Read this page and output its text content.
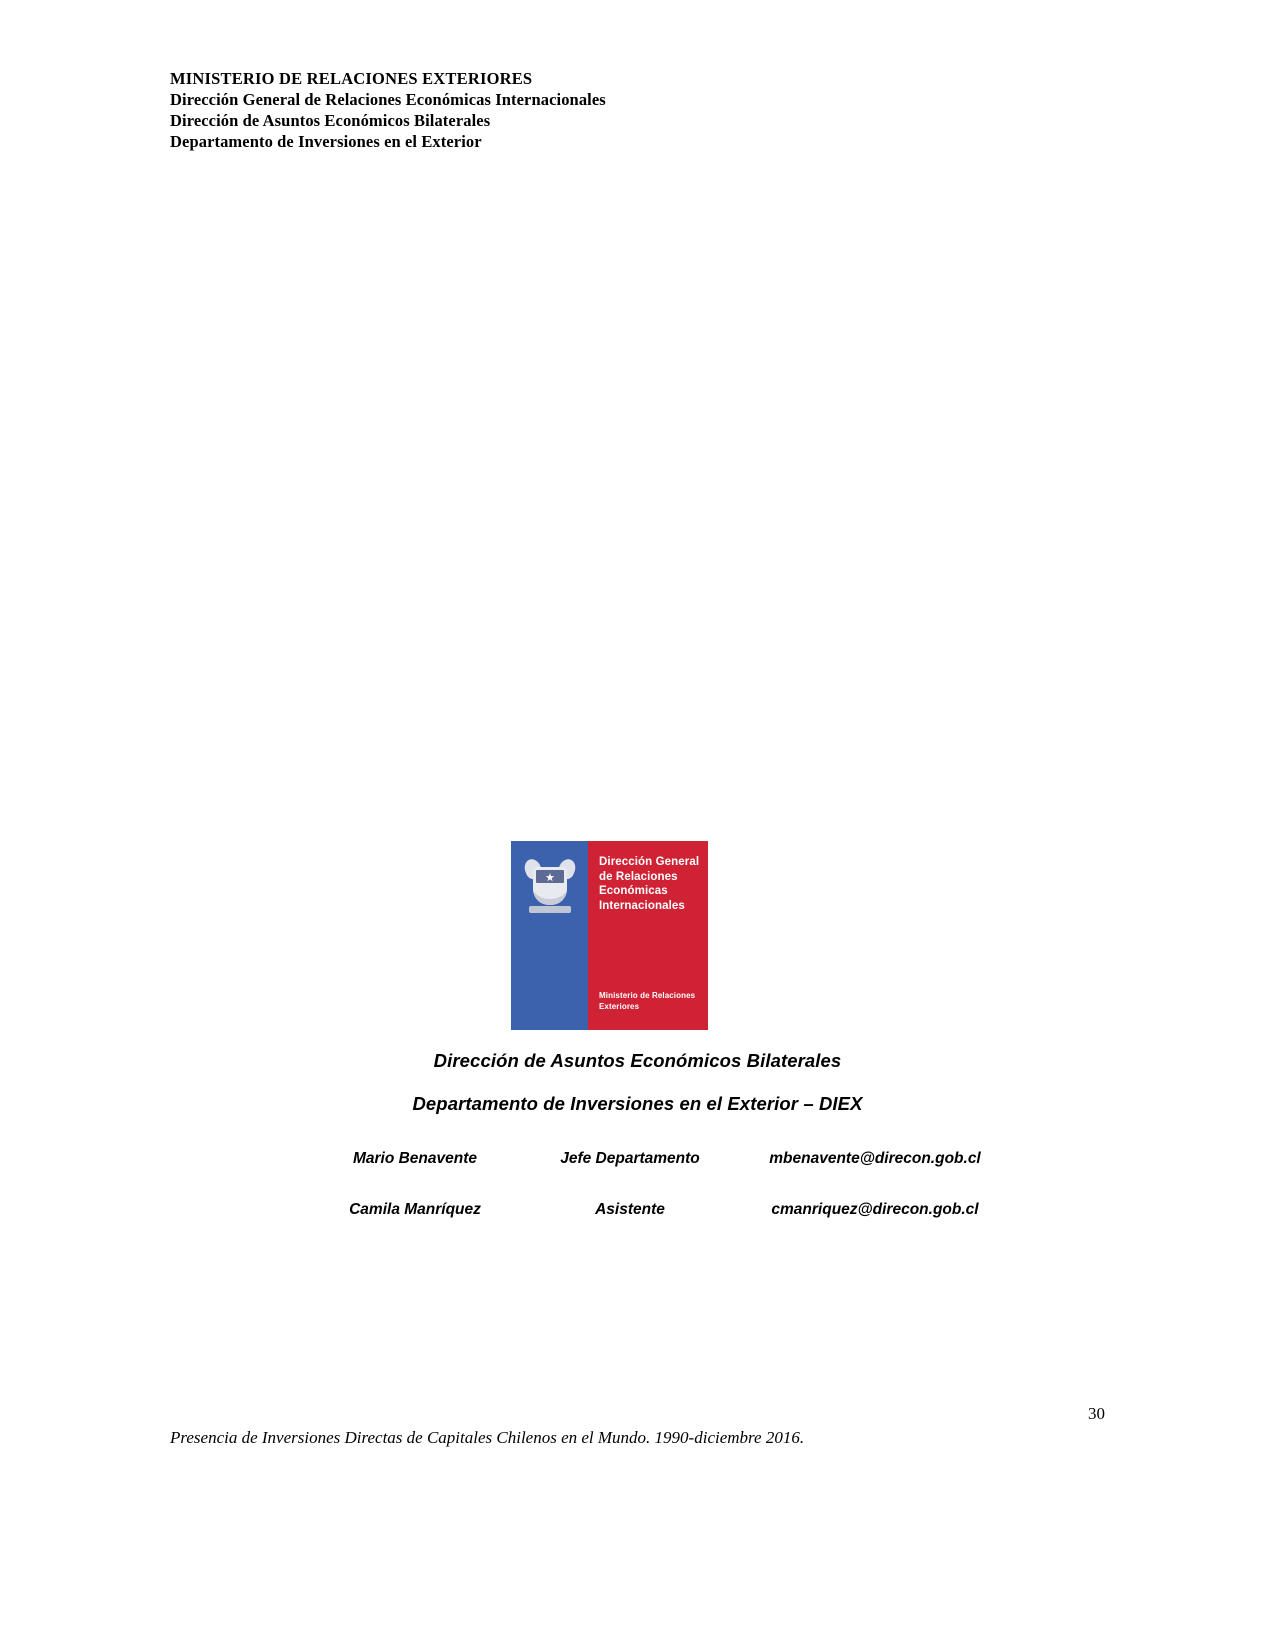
MINISTERIO DE RELACIONES EXTERIORES
Dirección General de Relaciones Económicas Internacionales
Dirección de Asuntos Económicos Bilaterales
Departamento de Inversiones en el Exterior
Dirección General de Relaciones Económicas Internacionales
Ministerio de Relaciones Exteriores
Dirección de Asuntos Económicos Bilaterales
Departamento de Inversiones en el Exterior – DIEX
Mario Benavente	Jefe Departamento	mbenavente@direcon.gob.cl
Camila Manríquez	Asistente	cmanriquez@direcon.gob.cl
30
Presencia de Inversiones Directas de Capitales Chilenos en el Mundo. 1990-diciembre 2016.
